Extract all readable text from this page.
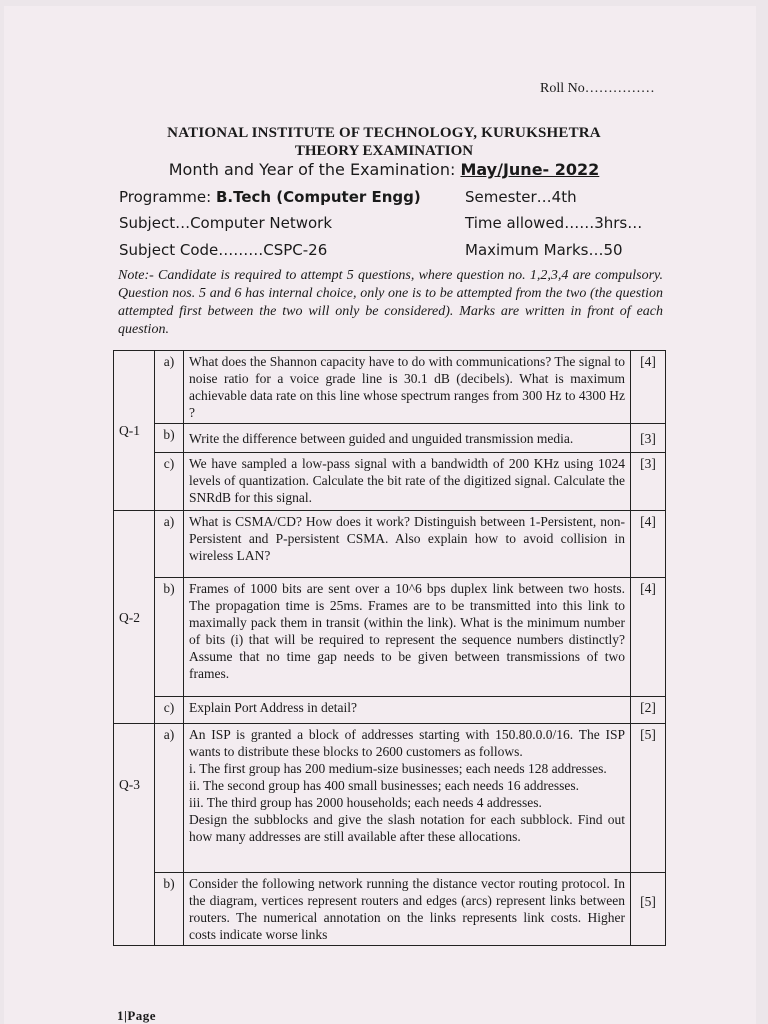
Roll No……………
NATIONAL INSTITUTE OF TECHNOLOGY, KURUKSHETRA
THEORY EXAMINATION
Month and Year of the Examination: May/June- 2022
Programme: B.Tech (Computer Engg)	Semester…4th
Subject…Computer Network	Time allowed……3hrs…
Subject Code………CSPC-26	Maximum Marks…50
Note:- Candidate is required to attempt 5 questions, where question no. 1,2,3,4 are compulsory. Question nos. 5 and 6 has internal choice, only one is to be attempted from the two (the question attempted first between the two will only be considered). Marks are written in front of each question.
Q-1	a)	What does the Shannon capacity have to do with communications? The signal to noise ratio for a voice grade line is 30.1 dB (decibels). What is maximum achievable data rate on this line whose spectrum ranges from 300 Hz to 4300 Hz ?	[4]
	b)	Write the difference between guided and unguided transmission media.	[3]
	c)	We have sampled a low-pass signal with a bandwidth of 200 KHz using 1024 levels of quantization. Calculate the bit rate of the digitized signal. Calculate the SNRdB for this signal.	[3]
Q-2	a)	What is CSMA/CD? How does it work? Distinguish between 1-Persistent, non-Persistent and P-persistent CSMA. Also explain how to avoid collision in wireless LAN?	[4]
	b)	Frames of 1000 bits are sent over a 10^6 bps duplex link between two hosts. The propagation time is 25ms. Frames are to be transmitted into this link to maximally pack them in transit (within the link). What is the minimum number of bits (i) that will be required to represent the sequence numbers distinctly? Assume that no time gap needs to be given between transmissions of two frames.	[4]
	c)	Explain Port Address in detail?	[2]
Q-3	a)	An ISP is granted a block of addresses starting with 150.80.0.0/16. The ISP wants to distribute these blocks to 2600 customers as follows.
i. The first group has 200 medium-size businesses; each needs 128 addresses.
ii. The second group has 400 small businesses; each needs 16 addresses.
iii. The third group has 2000 households; each needs 4 addresses.
Design the subblocks and give the slash notation for each subblock. Find out how many addresses are still available after these allocations.	[5]
	b)	Consider the following network running the distance vector routing protocol. In the diagram, vertices represent routers and edges (arcs) represent links between routers. The numerical annotation on the links represents link costs. Higher costs indicate worse links	[5]
1|Page
